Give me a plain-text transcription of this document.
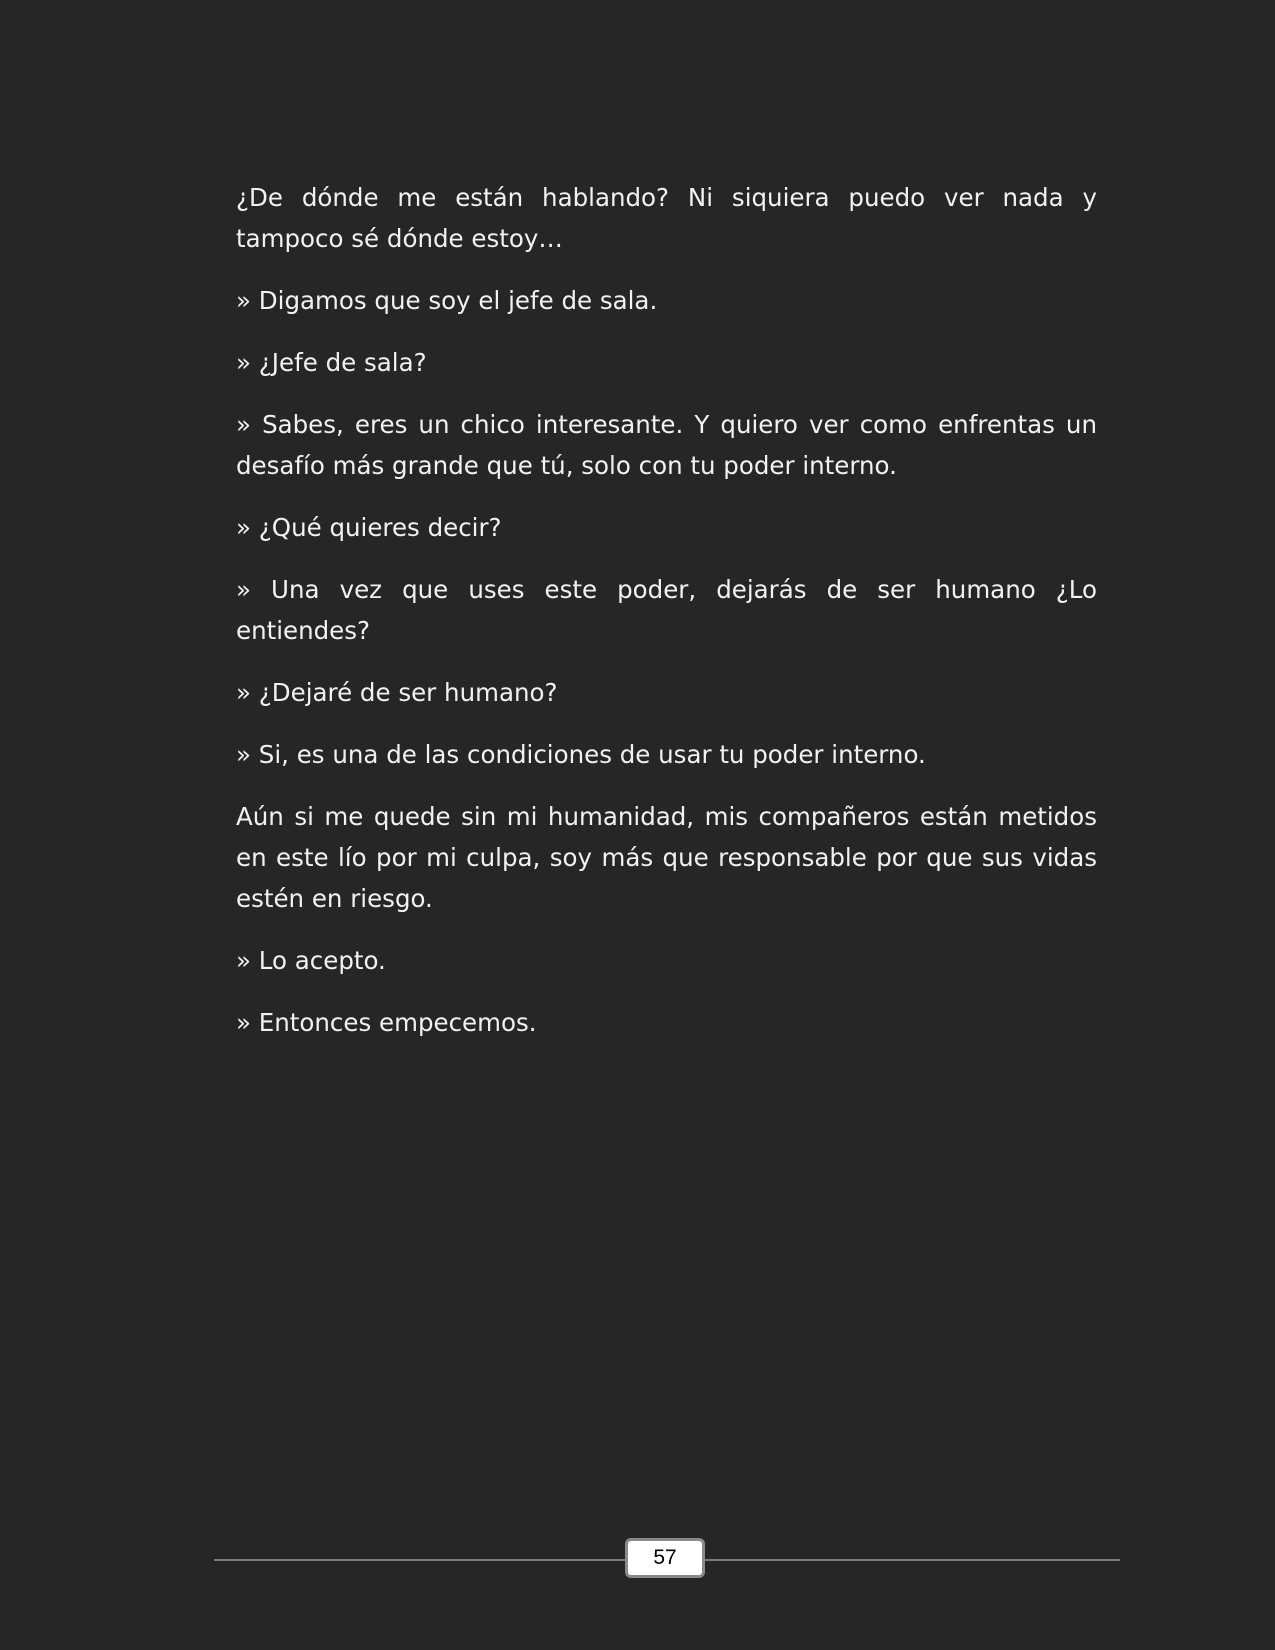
¿De dónde me están hablando? Ni siquiera puedo ver nada y tampoco sé dónde estoy…

» Digamos que soy el jefe de sala.

» ¿Jefe de sala?

» Sabes, eres un chico interesante. Y quiero ver como enfrentas un desafío más grande que tú, solo con tu poder interno.

» ¿Qué quieres decir?

» Una vez que uses este poder, dejarás de ser humano ¿Lo entiendes?

» ¿Dejaré de ser humano?

» Si, es una de las condiciones de usar tu poder interno.

Aún si me quede sin mi humanidad, mis compañeros están metidos en este lío por mi culpa, soy más que responsable por que sus vidas estén en riesgo.

» Lo acepto.

» Entonces empecemos.

57
